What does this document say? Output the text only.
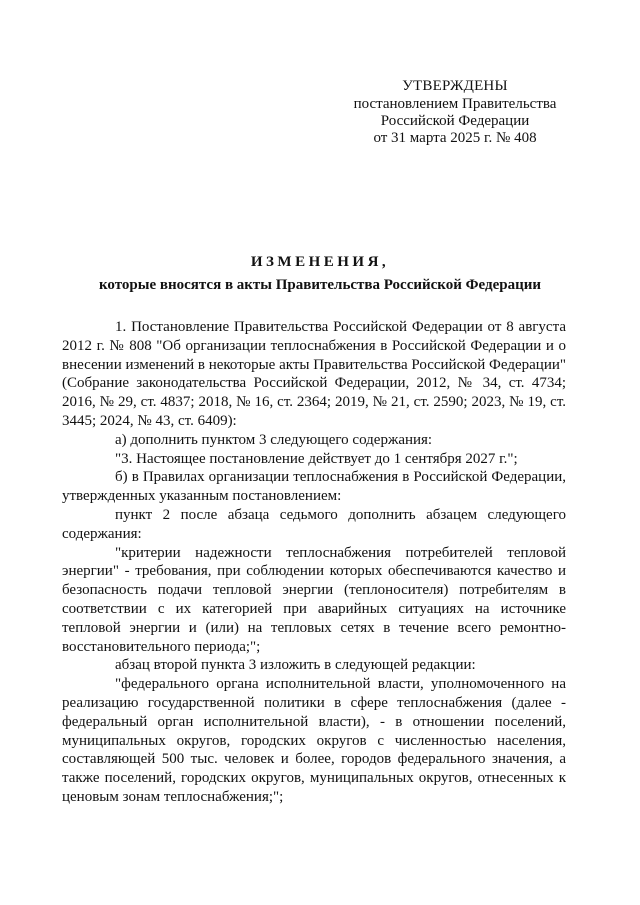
УТВЕРЖДЕНЫ
постановлением Правительства
Российской Федерации
от 31 марта 2025 г. № 408
ИЗМЕНЕНИЯ,
которые вносятся в акты Правительства Российской Федерации

1. Постановление Правительства Российской Федерации от 8 августа 2012 г. № 808 "Об организации теплоснабжения в Российской Федерации и о внесении изменений в некоторые акты Правительства Российской Федерации" (Собрание законодательства Российской Федерации, 2012, № 34, ст. 4734; 2016, № 29, ст. 4837; 2018, № 16, ст. 2364; 2019, № 21, ст. 2590; 2023, № 19, ст. 3445; 2024, № 43, ст. 6409):

а) дополнить пунктом 3 следующего содержания:

"3. Настоящее постановление действует до 1 сентября 2027 г.";

б) в Правилах организации теплоснабжения в Российской Федерации, утвержденных указанным постановлением:

пункт 2 после абзаца седьмого дополнить абзацем следующего содержания:

"критерии надежности теплоснабжения потребителей тепловой энергии" - требования, при соблюдении которых обеспечиваются качество и безопасность подачи тепловой энергии (теплоносителя) потребителям в соответствии с их категорией при аварийных ситуациях на источнике тепловой энергии и (или) на тепловых сетях в течение всего ремонтно-восстановительного периода;";

абзац второй пункта 3 изложить в следующей редакции:

"федерального органа исполнительной власти, уполномоченного на реализацию государственной политики в сфере теплоснабжения (далее - федеральный орган исполнительной власти), - в отношении поселений, муниципальных округов, городских округов с численностью населения, составляющей 500 тыс. человек и более, городов федерального значения, а также поселений, городских округов, муниципальных округов, отнесенных к ценовым зонам теплоснабжения;";
